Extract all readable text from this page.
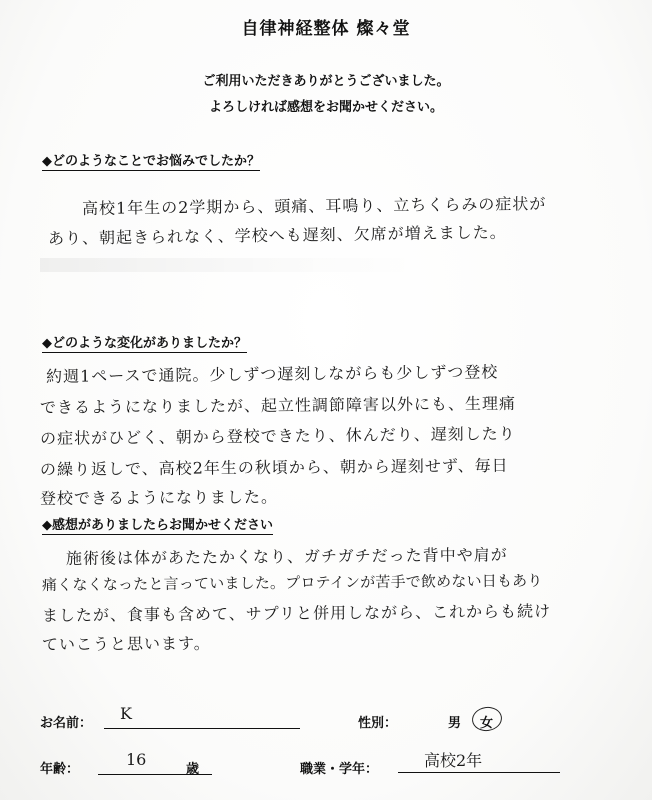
自律神経整体 燦々堂
ご利用いただきありがとうございました。
よろしければ感想をお聞かせください。
◆どのようなことでお悩みでしたか？
高校1年生の2学期から、頭痛、耳鳴り、立ちくらみの症状が
あり、朝起きられなく、学校へも遅刻、欠席が増えました。
◆どのような変化がありましたか？
約週1ペースで通院。少しずつ遅刻しながらも少しずつ登校
できるようになりましたが、起立性調節障害以外にも、生理痛
の症状がひどく、朝から登校できたり、休んだり、遅刻したり
の繰り返しで、高校2年生の秋頃から、朝から遅刻せず、毎日
登校できるようになりました。
◆感想がありましたらお聞かせください
施術後は体があたたかくなり、ガチガチだった背中や肩が
痛くなくなったと言っていました。プロテインが苦手で飲めない日もあり
ましたが、食事も含めて、サプリと併用しながら、これからも続け
ていこうと思います。
お名前：
K
性別：	男 女
年齢：
16
歳	職業・学年：	高校2年
